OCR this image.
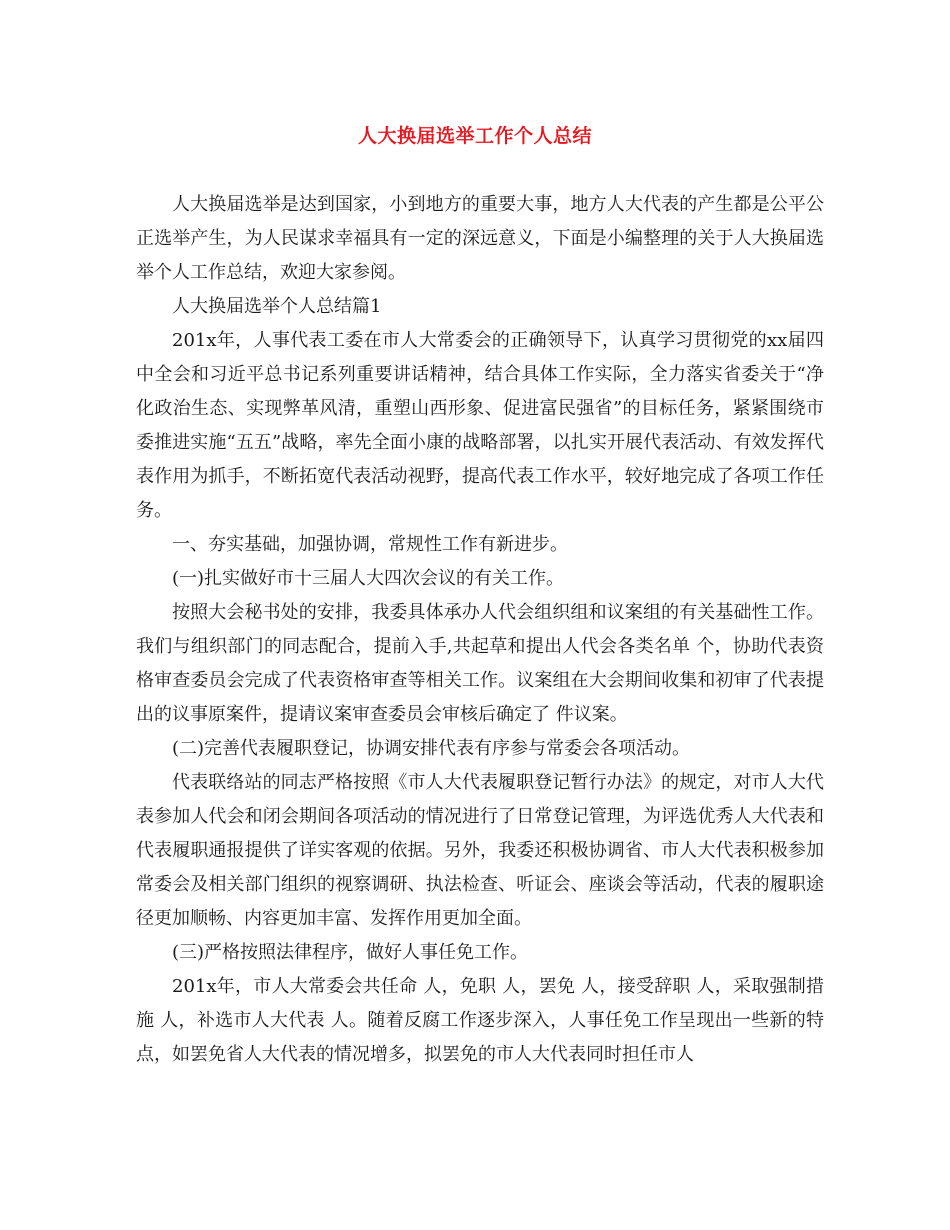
人大换届选举工作个人总结

人大换届选举是达到国家，小到地方的重要大事，地方人大代表的产生都是公平公正选举产生，为人民谋求幸福具有一定的深远意义，下面是小编整理的关于人大换届选举个人工作总结，欢迎大家参阅。

人大换届选举个人总结篇1

201x年，人事代表工委在市人大常委会的正确领导下，认真学习贯彻党的xx届四中全会和习近平总书记系列重要讲话精神，结合具体工作实际，全力落实省委关于“净化政治生态、实现弊革风清，重塑山西形象、促进富民强省”的目标任务，紧紧围绕市委推进实施“五五”战略，率先全面小康的战略部署，以扎实开展代表活动、有效发挥代表作用为抓手，不断拓宽代表活动视野，提高代表工作水平，较好地完成了各项工作任务。

一、夯实基础，加强协调，常规性工作有新进步。

(一)扎实做好市十三届人大四次会议的有关工作。

按照大会秘书处的安排，我委具体承办人代会组织组和议案组的有关基础性工作。我们与组织部门的同志配合，提前入手,共起草和提出人代会各类名单 个，协助代表资格审查委员会完成了代表资格审查等相关工作。议案组在大会期间收集和初审了代表提出的议事原案件，提请议案审查委员会审核后确定了 件议案。

(二)完善代表履职登记，协调安排代表有序参与常委会各项活动。

代表联络站的同志严格按照《市人大代表履职登记暂行办法》的规定，对市人大代表参加人代会和闭会期间各项活动的情况进行了日常登记管理，为评选优秀人大代表和代表履职通报提供了详实客观的依据。另外，我委还积极协调省、市人大代表积极参加常委会及相关部门组织的视察调研、执法检查、听证会、座谈会等活动，代表的履职途径更加顺畅、内容更加丰富、发挥作用更加全面。

(三)严格按照法律程序，做好人事任免工作。

201x年，市人大常委会共任命 人，免职 人，罢免 人，接受辞职 人，采取强制措施 人，补选市人大代表 人。随着反腐工作逐步深入，人事任免工作呈现出一些新的特点，如罢免省人大代表的情况增多，拟罢免的市人大代表同时担任市人
